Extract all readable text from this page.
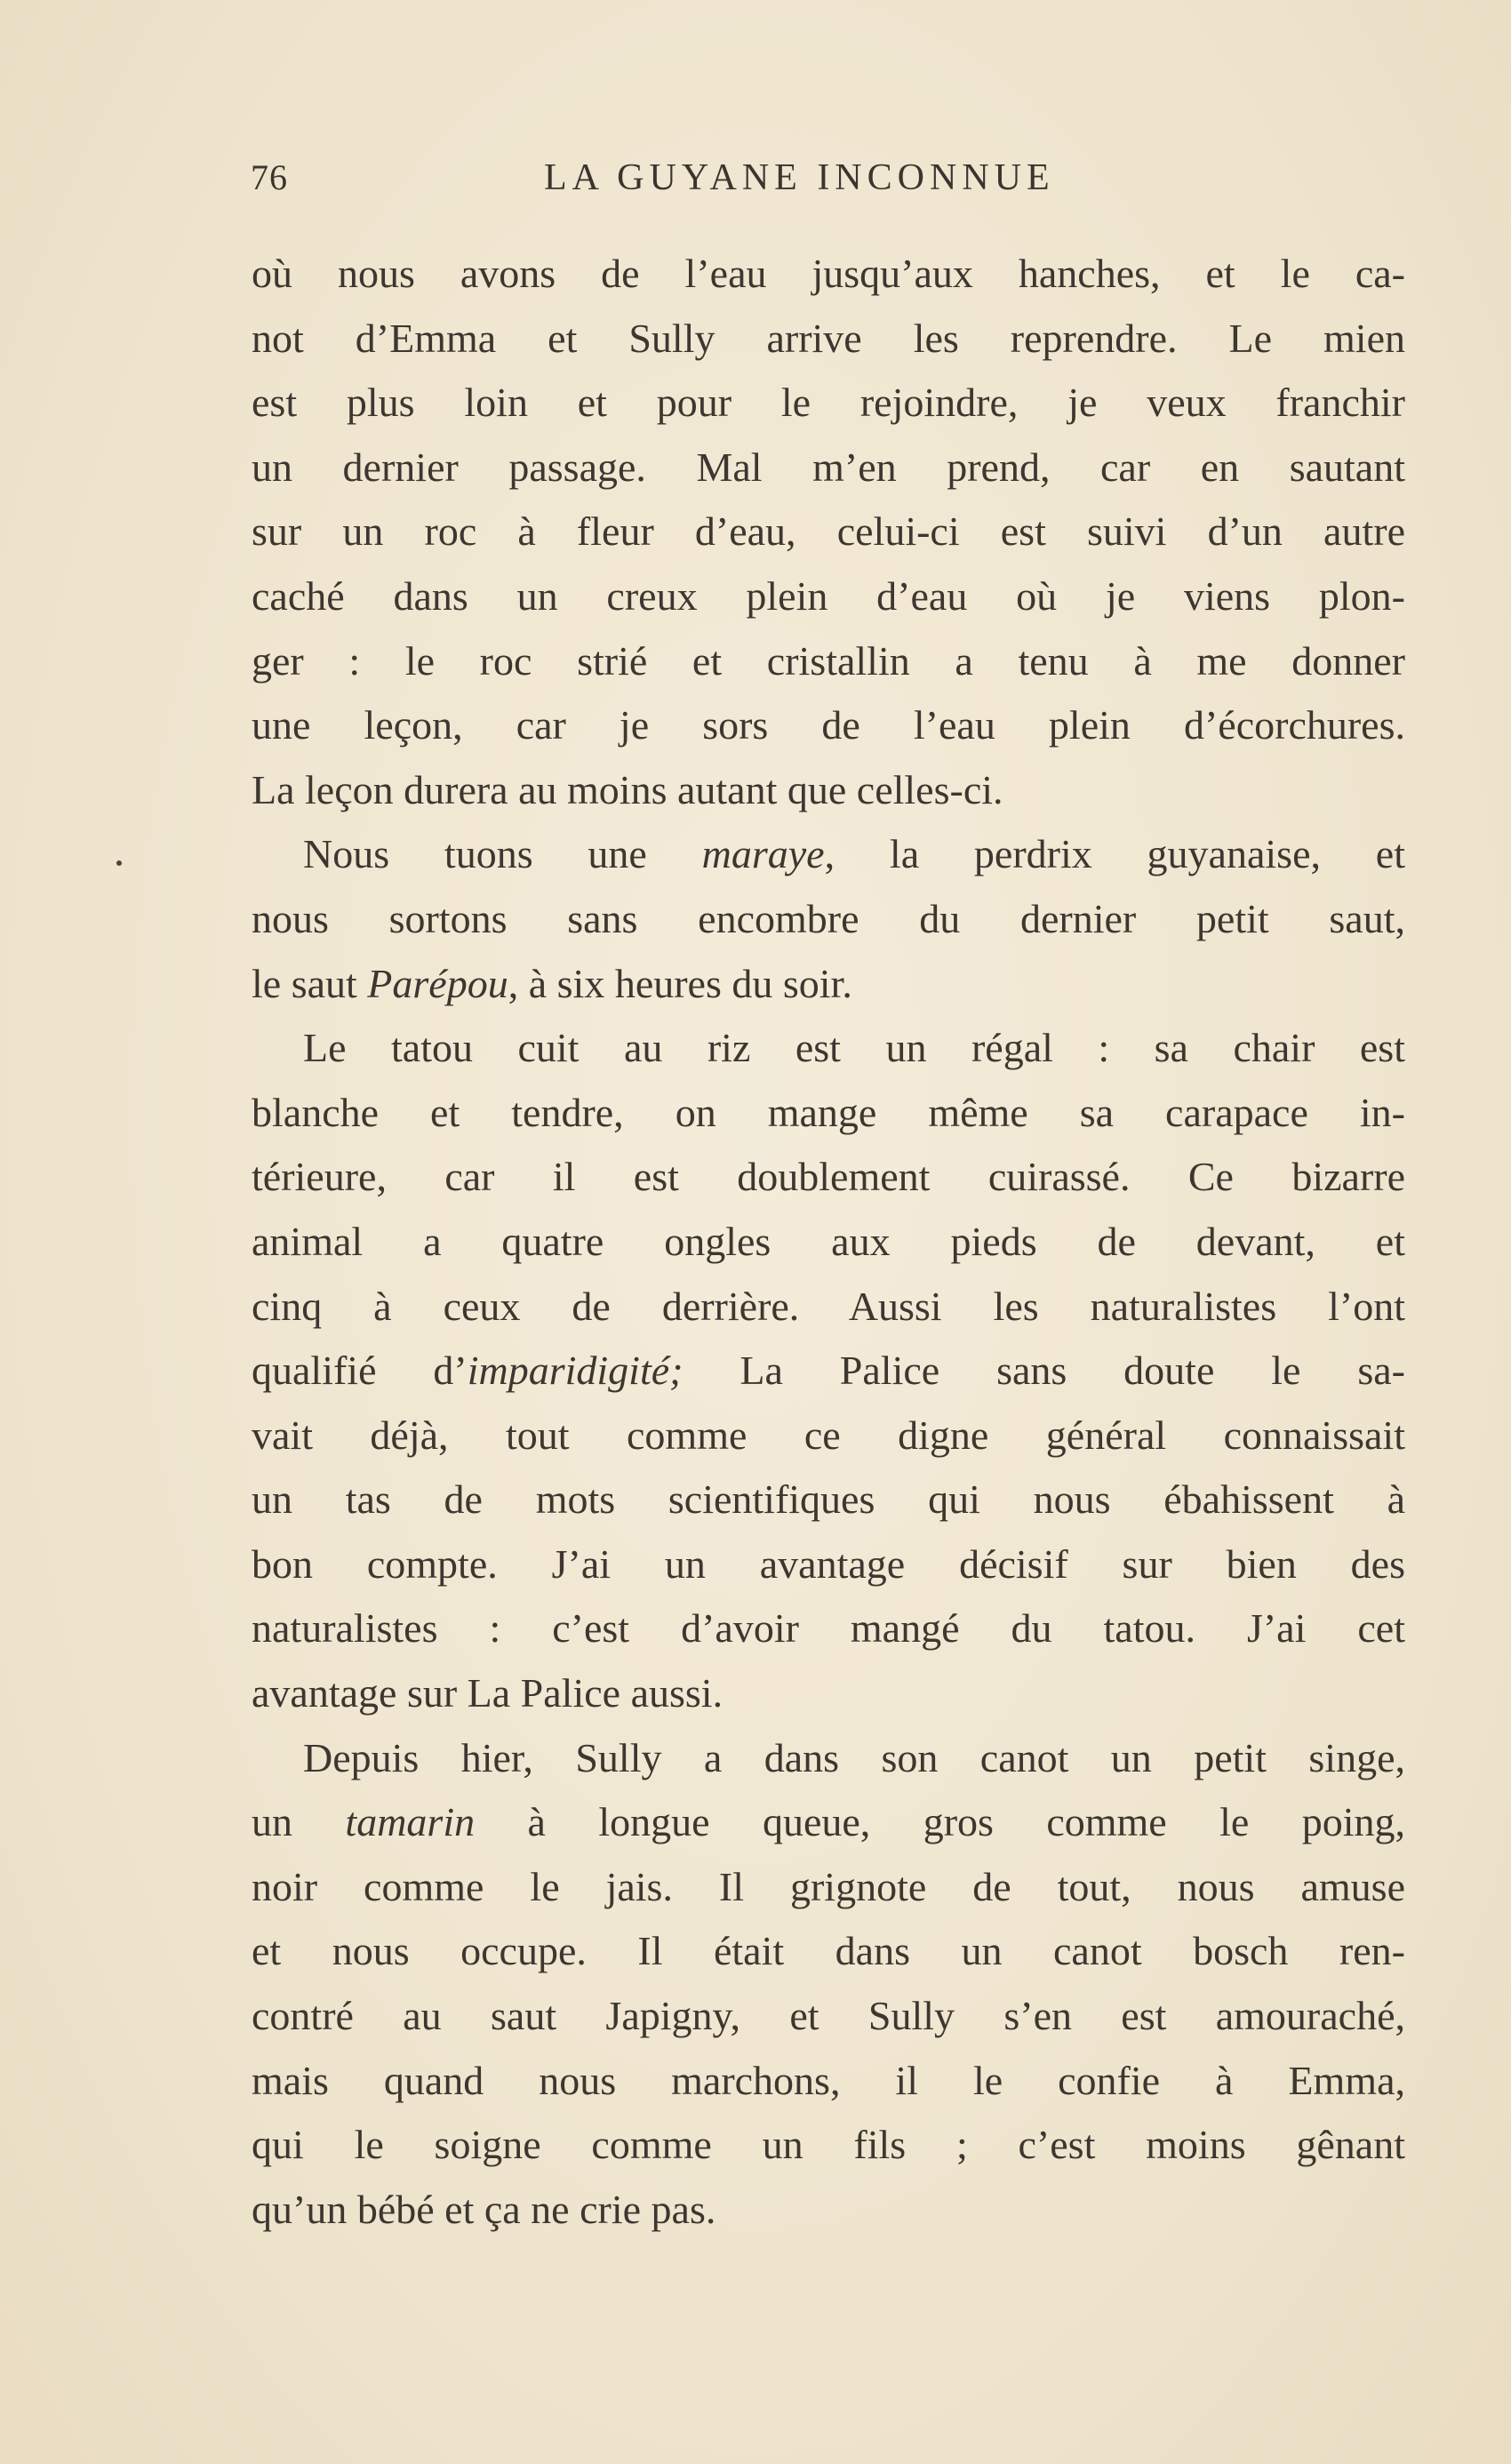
76	LA GUYANE INCONNUE
où nous avons de l’eau jusqu’aux hanches, et le ca-
not d’Emma et Sully arrive les reprendre. Le mien
est plus loin et pour le rejoindre, je veux franchir
un dernier passage. Mal m’en prend, car en sautant
sur un roc à fleur d’eau, celui-ci est suivi d’un autre
caché dans un creux plein d’eau où je viens plon-
ger : le roc strié et cristallin a tenu à me donner
une leçon, car je sors de l’eau plein d’écorchures.
La leçon durera au moins autant que celles-ci.
Nous tuons une maraye, la perdrix guyanaise, et
nous sortons sans encombre du dernier petit saut,
le saut Parépou, à six heures du soir.
Le tatou cuit au riz est un régal : sa chair est
blanche et tendre, on mange même sa carapace in-
térieure, car il est doublement cuirassé. Ce bizarre
animal a quatre ongles aux pieds de devant, et
cinq à ceux de derrière. Aussi les naturalistes l’ont
qualifié d’imparidigité; La Palice sans doute le sa-
vait déjà, tout comme ce digne général connaissait
un tas de mots scientifiques qui nous ébahissent à
bon compte. J’ai un avantage décisif sur bien des
naturalistes : c’est d’avoir mangé du tatou. J’ai cet
avantage sur La Palice aussi.
Depuis hier, Sully a dans son canot un petit singe,
un tamarin à longue queue, gros comme le poing,
noir comme le jais. Il grignote de tout, nous amuse
et nous occupe. Il était dans un canot bosch ren-
contré au saut Japigny, et Sully s’en est amouraché,
mais quand nous marchons, il le confie à Emma,
qui le soigne comme un fils ; c’est moins gênant
qu’un bébé et ça ne crie pas.
